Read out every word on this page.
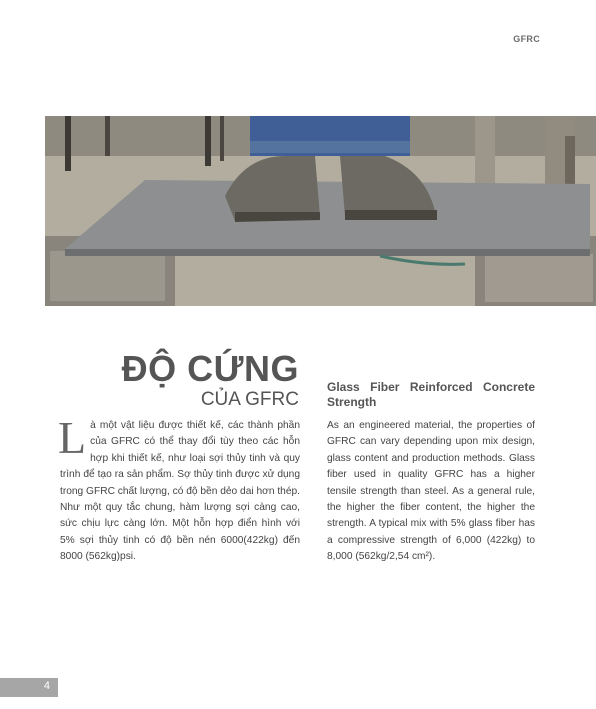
GFRC
ĐỘ CỨNG
CỦA GFRC
Là một vật liệu được thiết kế, các thành phần của GFRC có thể thay đổi tùy theo các hỗn hợp khi thiết kế, như loại sợi thủy tinh và quy trình để tạo ra sản phẩm. Sợ thủy tinh được xử dụng trong GFRC chất lượng, có độ bền dẻo dai hơn thép. Như một quy tắc chung, hàm lượng sợi càng cao, sức chịu lực càng lớn. Một hỗn hợp điển hình với 5% sợi thủy tinh có độ bền nén 6000(422kg) đến 8000 (562kg)psi.
Glass Fiber Reinforced Concrete Strength
As an engineered material, the properties of GFRC can vary depending upon mix design, glass content and production methods. Glass fiber used in quality GFRC has a higher tensile strength than steel. As a general rule, the higher the fiber content, the higher the strength. A typical mix with 5% glass fiber has a compressive strength of 6,000 (422kg) to 8,000 (562kg/2,54 cm²).
4
